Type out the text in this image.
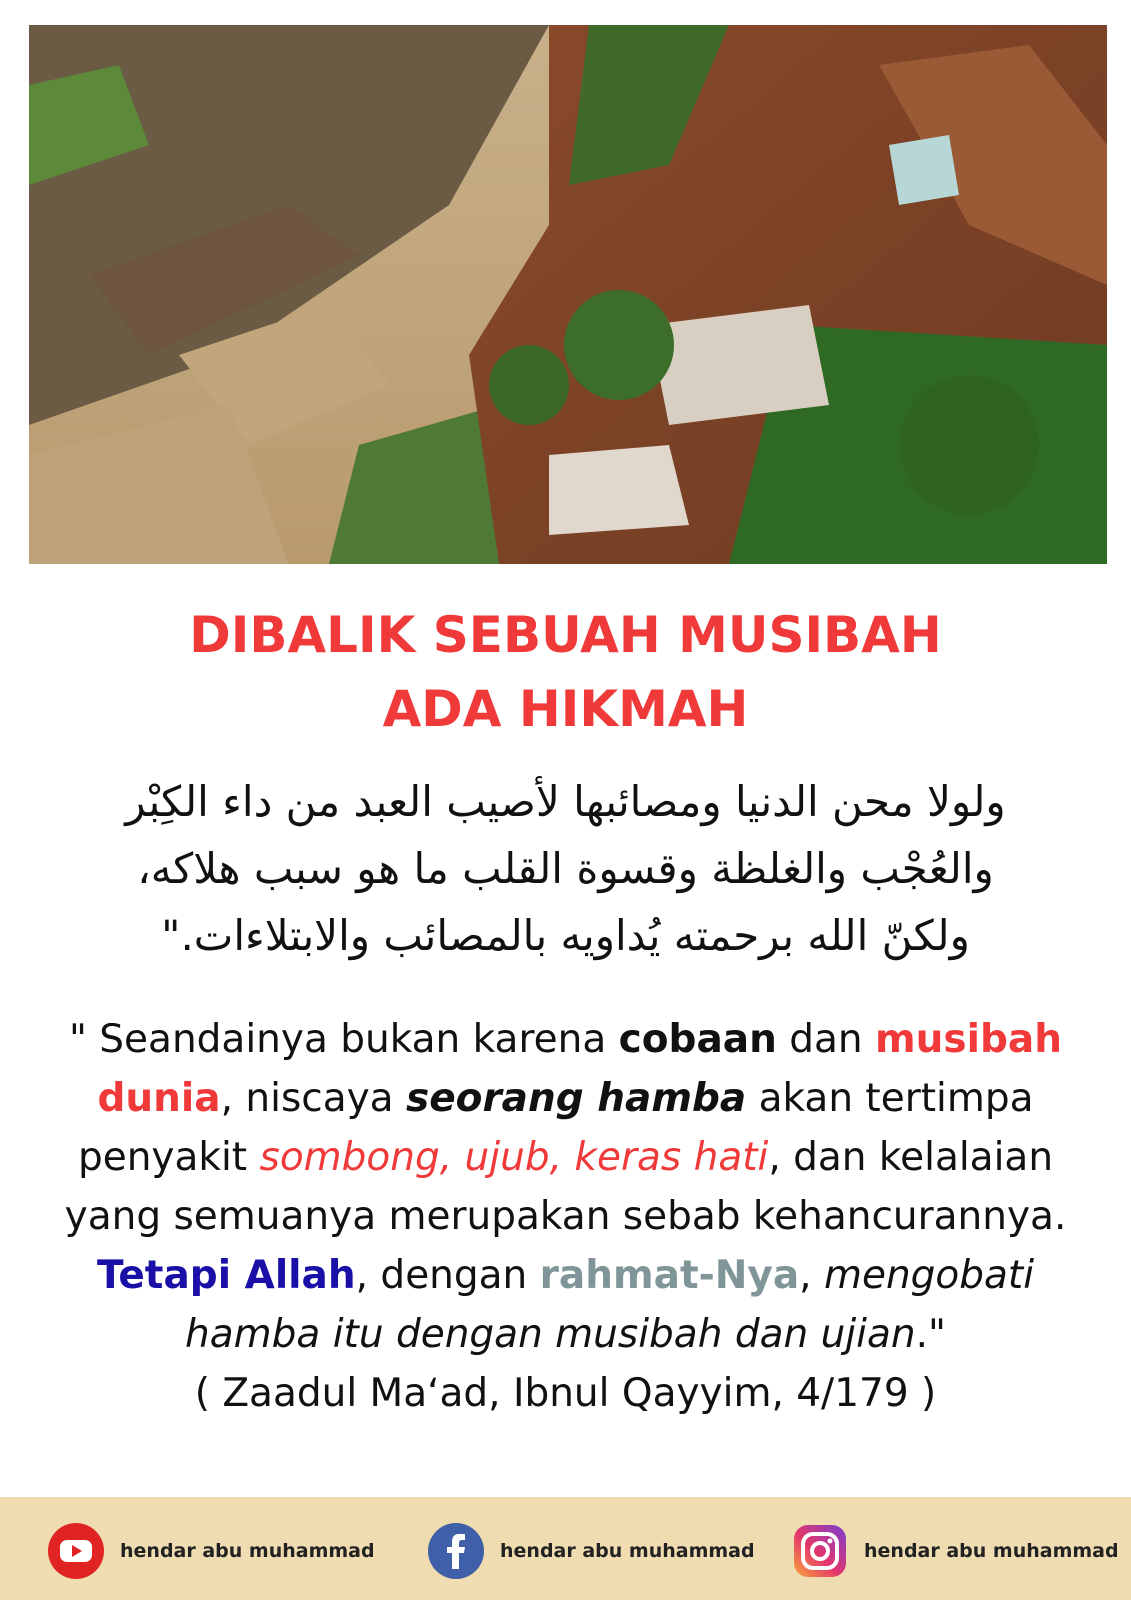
DIBALIK SEBUAH MUSIBAH
ADA HIKMAH
ولولا محن الدنيا ومصائبها لأصيب العبد من داء الكِبْر
والعُجْب والغلظة وقسوة القلب ما هو سبب هلاكه،
ولكنّ الله برحمته يُداويه بالمصائب والابتلاءات."
" Seandainya bukan karena cobaan dan musibah dunia, niscaya seorang hamba akan tertimpa penyakit sombong, ujub, keras hati, dan kelalaian yang semuanya merupakan sebab kehancurannya. Tetapi Allah, dengan rahmat-Nya, mengobati hamba itu dengan musibah dan ujian."
( Zaadul Ma‘ad, Ibnul Qayyim, 4/179 )
hendar abu muhammad	hendar abu muhammad	hendar abu muhammad
